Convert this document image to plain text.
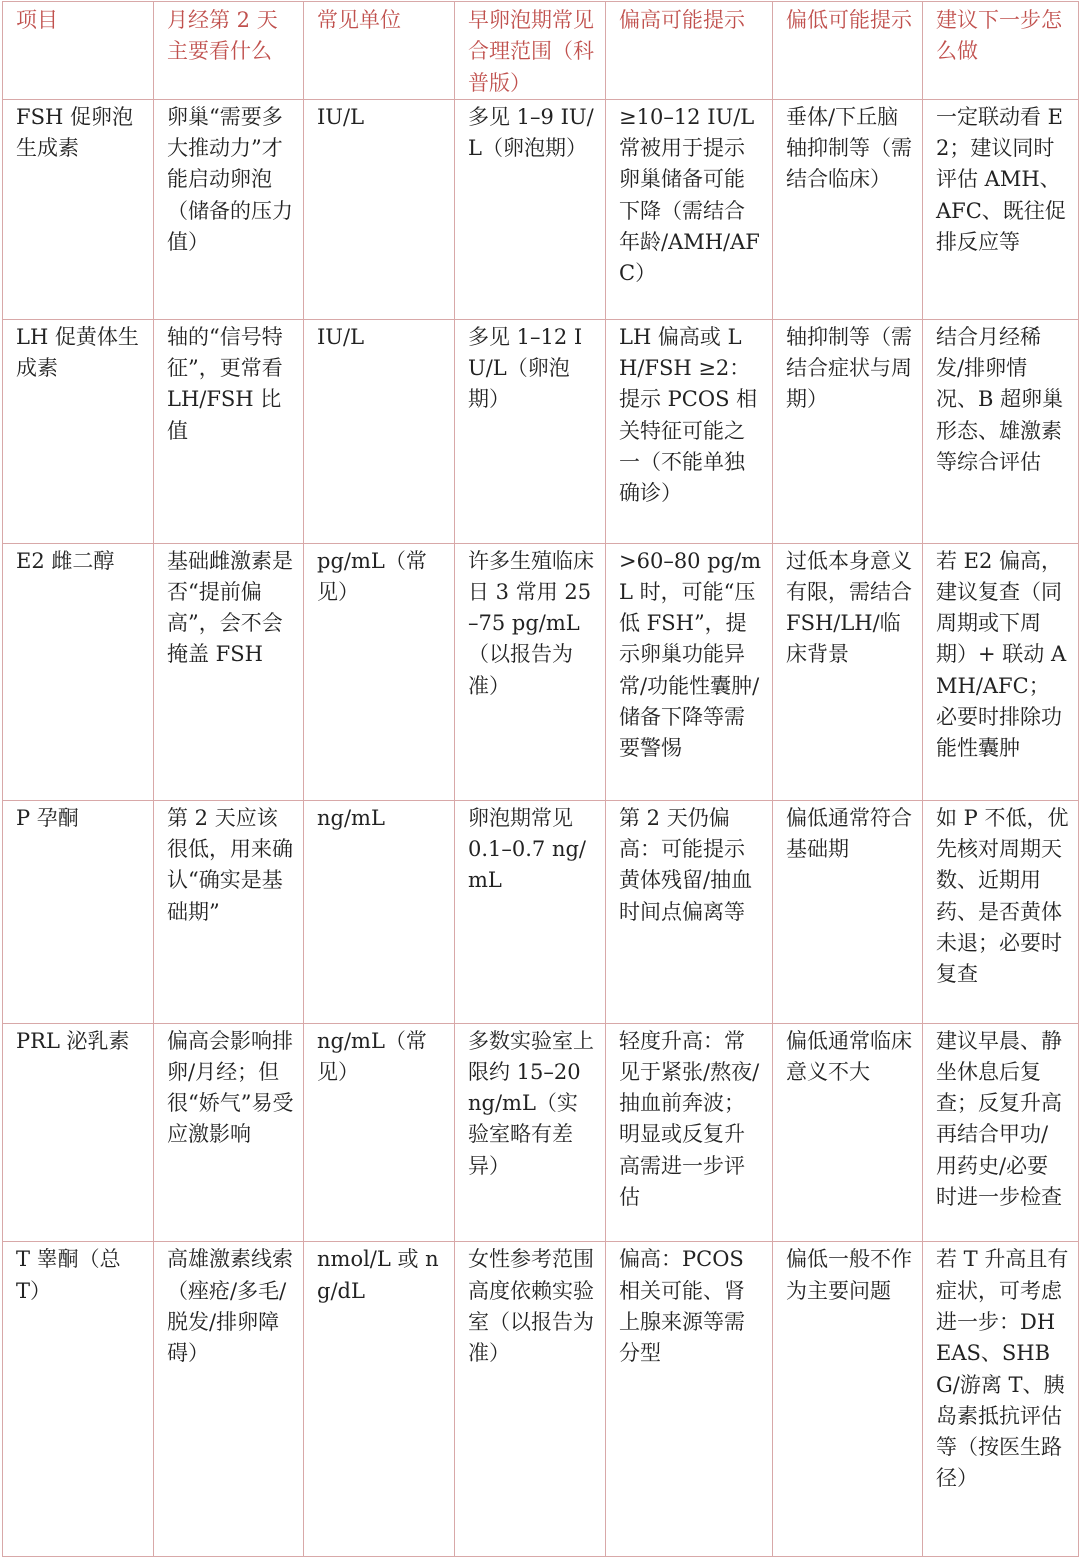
项目	月经第 2 天主要看什么	常见单位	早卵泡期常见合理范围（科普版）	偏高可能提示	偏低可能提示	建议下一步怎么做
FSH 促卵泡生成素	卵巢“需要多大推动力”才能启动卵泡（储备的压力值）	IU/L	多见 1–9 IU/L（卵泡期）	≥10–12 IU/L 常被用于提示卵巢储备可能下降（需结合年龄/AMH/AFC）	垂体/下丘脑轴抑制等（需结合临床）	一定联动看 E2；建议同时评估 AMH、AFC、既往促排反应等
LH 促黄体生成素	轴的“信号特征”，更常看 LH/FSH 比值	IU/L	多见 1–12 IU/L（卵泡期）	LH 偏高或 LH/FSH ≥2：提示 PCOS 相关特征可能之一（不能单独确诊）	轴抑制等（需结合症状与周期）	结合月经稀发/排卵情况、B 超卵巢形态、雄激素等综合评估
E2 雌二醇	基础雌激素是否“提前偏高”，会不会掩盖 FSH	pg/mL（常见）	许多生殖临床日 3 常用 25–75 pg/mL（以报告为准）	>60–80 pg/mL 时，可能“压低 FSH”，提示卵巢功能异常/功能性囊肿/储备下降等需要警惕	过低本身意义有限，需结合 FSH/LH/临床背景	若 E2 偏高，建议复查（同周期或下周期）+ 联动 AMH/AFC；必要时排除功能性囊肿
P 孕酮	第 2 天应该很低，用来确认“确实是基础期”	ng/mL	卵泡期常见 0.1–0.7 ng/mL	第 2 天仍偏高：可能提示黄体残留/抽血时间点偏离等	偏低通常符合基础期	如 P 不低，优先核对周期天数、近期用药、是否黄体未退；必要时复查
PRL 泌乳素	偏高会影响排卵/月经；但很“娇气”易受应激影响	ng/mL（常见）	多数实验室上限约 15–20 ng/mL（实验室略有差异）	轻度升高：常见于紧张/熬夜/抽血前奔波；明显或反复升高需进一步评估	偏低通常临床意义不大	建议早晨、静坐休息后复查；反复升高再结合甲功/用药史/必要时进一步检查
T 睾酮（总 T）	高雄激素线索（痤疮/多毛/脱发/排卵障碍）	nmol/L 或 ng/dL	女性参考范围高度依赖实验室（以报告为准）	偏高：PCOS 相关可能、肾上腺来源等需分型	偏低一般不作为主要问题	若 T 升高且有症状，可考虑进一步：DHEAS、SHBG/游离 T、胰岛素抵抗评估等（按医生路径）
